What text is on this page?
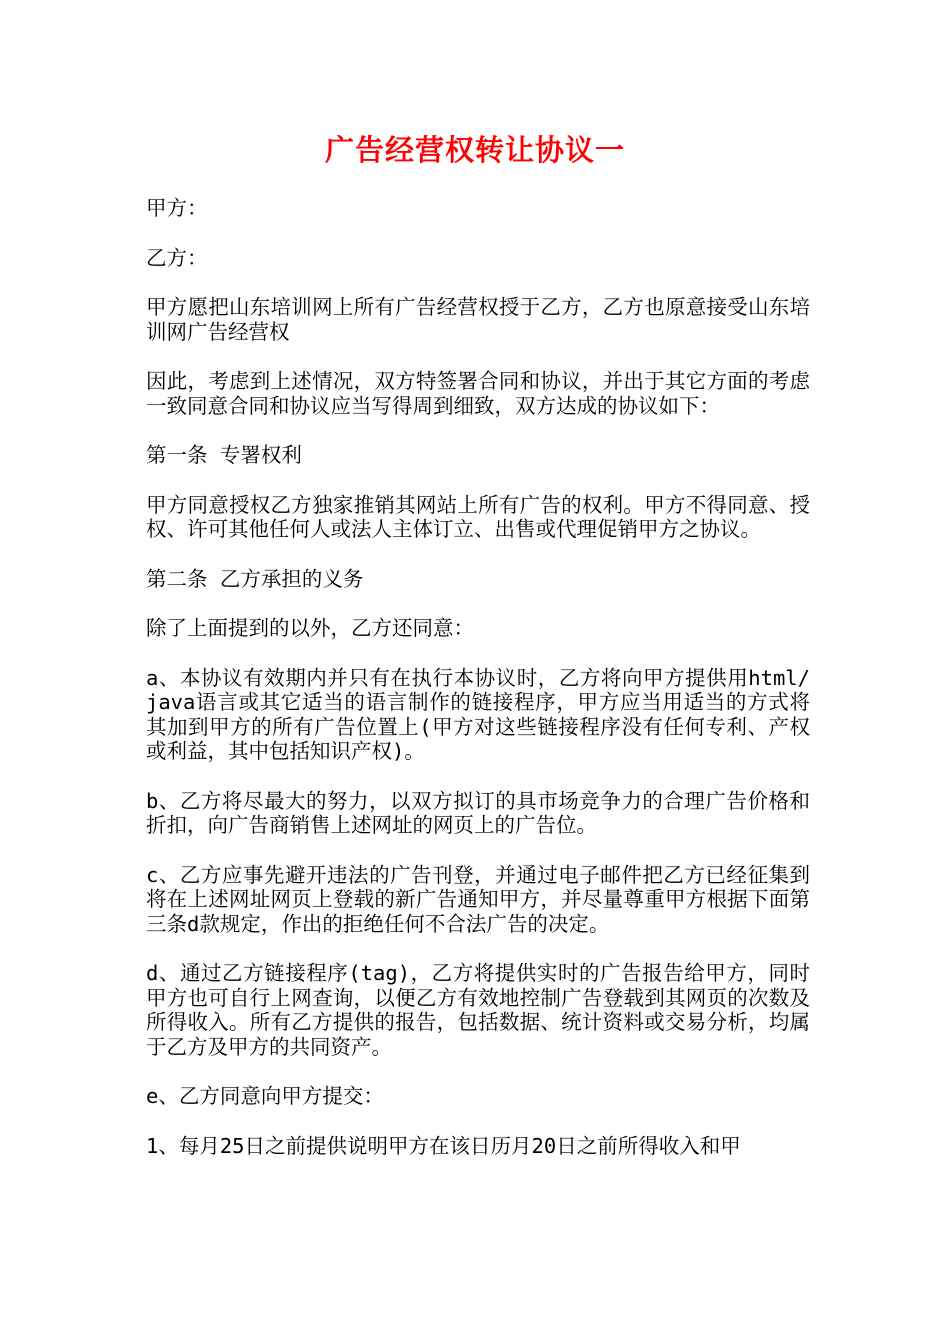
广告经营权转让协议一

甲方：

乙方：

甲方愿把山东培训网上所有广告经营权授于乙方，乙方也原意接受山东培训网广告经营权

因此，考虑到上述情况，双方特签署合同和协议，并出于其它方面的考虑一致同意合同和协议应当写得周到细致，双方达成的协议如下：

第一条 专署权利

甲方同意授权乙方独家推销其网站上所有广告的权利。甲方不得同意、授权、许可其他任何人或法人主体订立、出售或代理促销甲方之协议。

第二条 乙方承担的义务

除了上面提到的以外，乙方还同意：

a、本协议有效期内并只有在执行本协议时，乙方将向甲方提供用html/ java语言或其它适当的语言制作的链接程序，甲方应当用适当的方式将其加到甲方的所有广告位置上(甲方对这些链接程序没有任何专利、产权或利益，其中包括知识产权)。

b、乙方将尽最大的努力，以双方拟订的具市场竞争力的合理广告价格和折扣，向广告商销售上述网址的网页上的广告位。

c、乙方应事先避开违法的广告刊登，并通过电子邮件把乙方已经征集到将在上述网址网页上登载的新广告通知甲方，并尽量尊重甲方根据下面第三条d款规定，作出的拒绝任何不合法广告的决定。

d、通过乙方链接程序(tag)，乙方将提供实时的广告报告给甲方，同时甲方也可自行上网查询，以便乙方有效地控制广告登载到其网页的次数及所得收入。所有乙方提供的报告，包括数据、统计资料或交易分析，均属于乙方及甲方的共同资产。

e、乙方同意向甲方提交：

1、每月25日之前提供说明甲方在该日历月20日之前所得收入和甲
